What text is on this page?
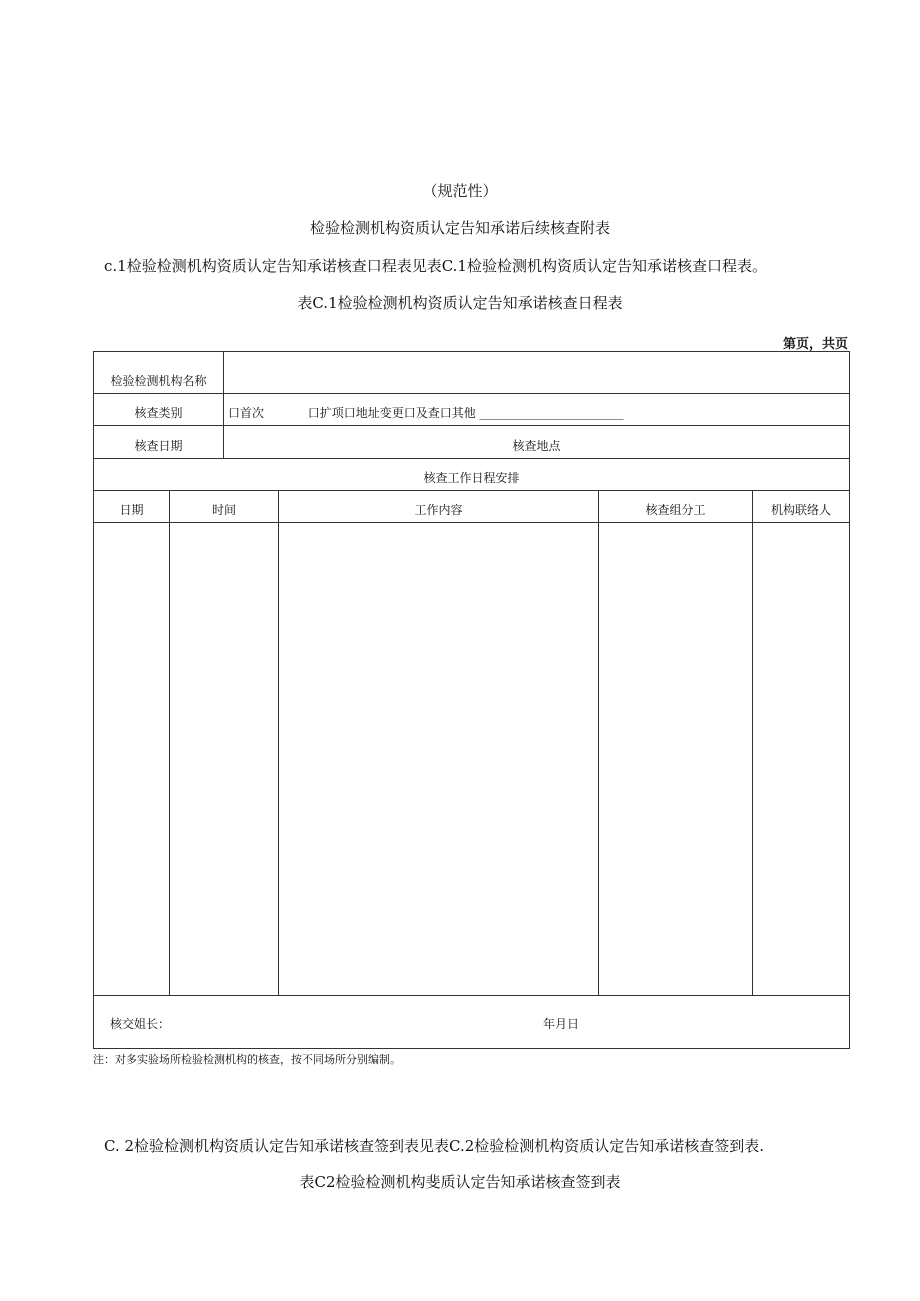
（规范性）
检验检测机构资质认定告知承诺后续核查附表
c.1检验检测机构资质认定告知承诺核查口程表见表C.1检验检测机构资质认定告知承诺核查口程表。
表C.1检验检测机构资质认定告知承诺核查日程表
第页，共页
检验检测机构名称					
核查类别		口首次 口扩项口地址变更口及查口其他 ________________________			
核查日期		核查地点			
核查工作日程安排					
日期	时间		工作内容	核查组分工	机构联络人

核交姐长： 年月日					
注：对多实验场所检验检测机构的核查，按不同场所分别编制。
C. 2检验检测机构资质认定告知承诺核查签到表见表C.2检验检测机构资质认定告知承诺核查签到表.
表C2检验检测机构斐质认定告知承诺核查签到表
